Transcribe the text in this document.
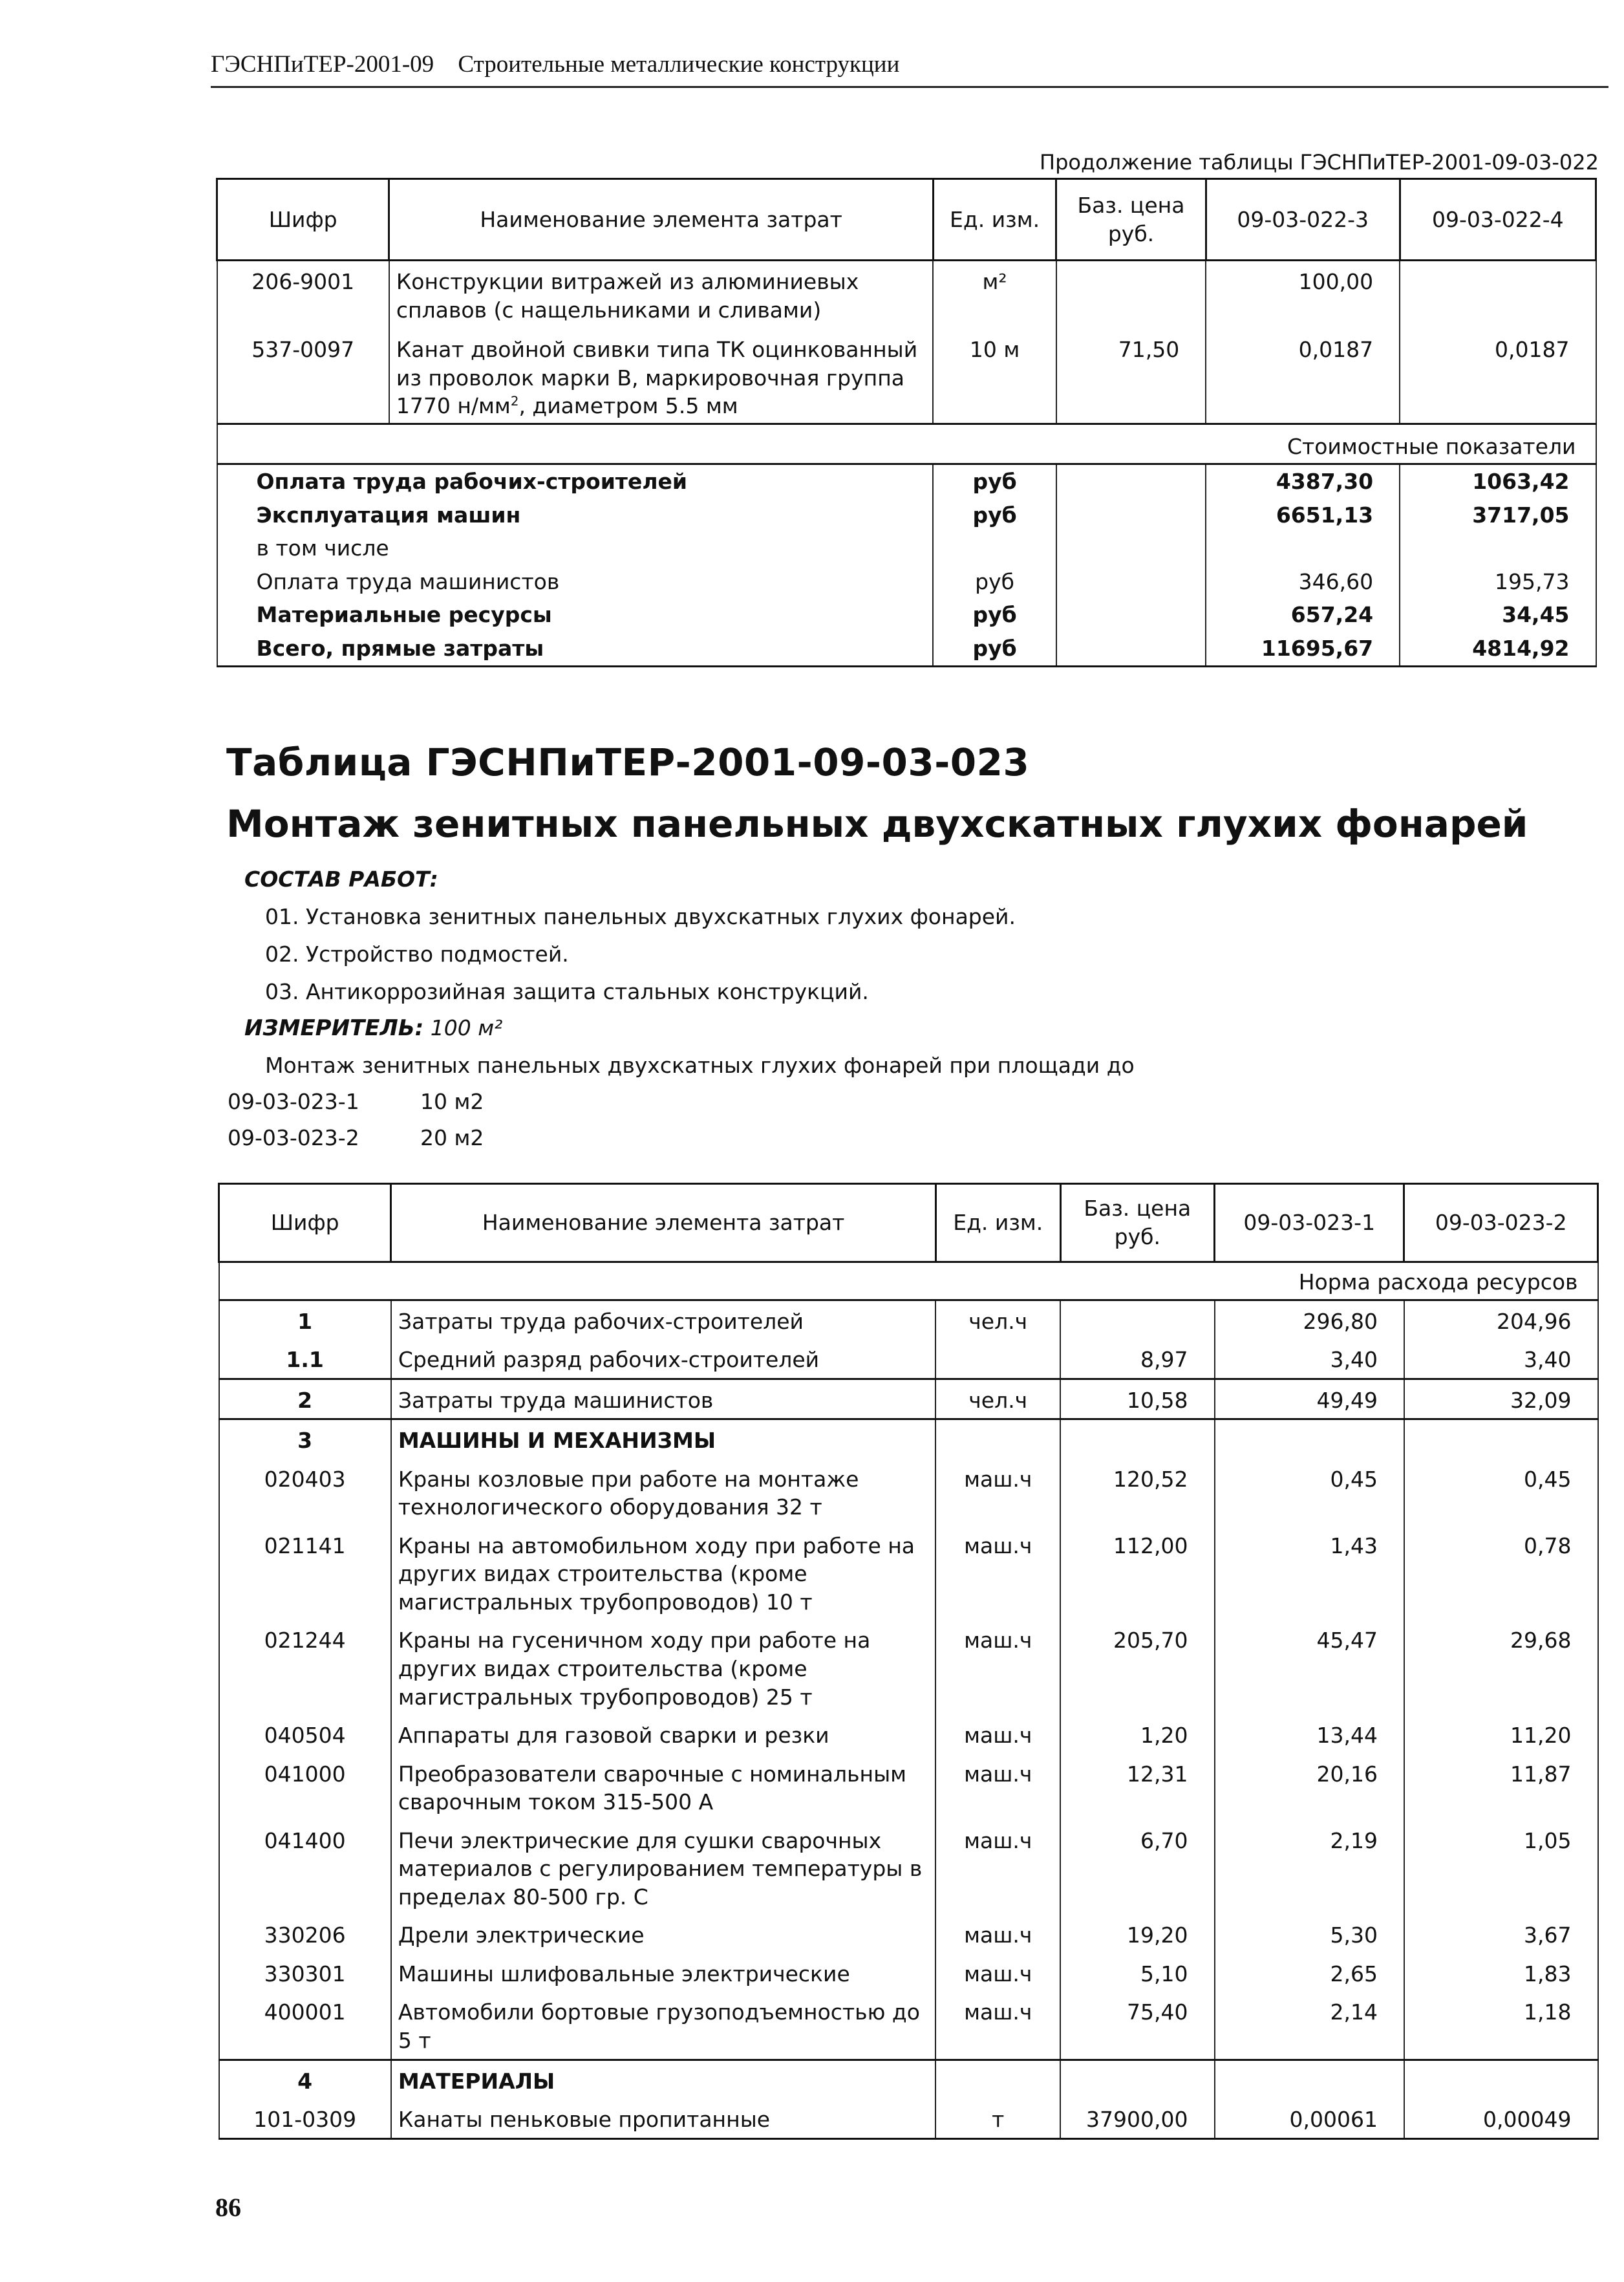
ГЭСНПиТЕР-2001-09 Строительные металлические конструкции
Продолжение таблицы ГЭСНПиТЕР-2001-09-03-022
Шифр	Наименование элемента затрат	Ед. изм.	Баз. цена руб.	09-03-022-3	09-03-022-4
206-9001	Конструкции витражей из алюминиевых сплавов (с нащельниками и сливами)	м²		100,00	
537-0097	Канат двойной свивки типа ТК оцинкованный из проволок марки В, маркировочная группа 1770 $н/мм^2$, диаметром 5.5 мм	10 м	71,50	0,0187	0,0187
Стоимостные показатели					
Оплата труда рабочих-строителей		руб		4387,30	1063,42
Эксплуатация машин		руб		6651,13	3717,05
в том числе					
Оплата труда машинистов		руб		346,60	195,73
Материальные ресурсы		руб		657,24	34,45
Всего, прямые затраты		руб		11695,67	4814,92
Таблица ГЭСНПиТЕР-2001-09-03-023
Монтаж зенитных панельных двухскатных глухих фонарей
СОСТАВ РАБОТ:
01. Установка зенитных панельных двухскатных глухих фонарей.
02. Устройство подмостей.
03. Антикоррозийная защита стальных конструкций.
ИЗМЕРИТЕЛЬ: 100 м²
Монтаж зенитных панельных двухскатных глухих фонарей при площади до
09-03-023-1	10 м2
09-03-023-2	20 м2
Шифр	Наименование элемента затрат	Ед. изм.	Баз. цена руб.	09-03-023-1	09-03-023-2
Норма расхода ресурсов					
1	Затраты труда рабочих-строителей	чел.ч		296,80	204,96
1.1	Средний разряд рабочих-строителей		8,97	3,40	3,40
2	Затраты труда машинистов	чел.ч	10,58	49,49	32,09
3	МАШИНЫ И МЕХАНИЗМЫ				
020403	Краны козловые при работе на монтаже технологического оборудования 32 т	маш.ч	120,52	0,45	0,45
021141	Краны на автомобильном ходу при работе на других видах строительства (кроме магистральных трубопроводов) 10 т	маш.ч	112,00	1,43	0,78
021244	Краны на гусеничном ходу при работе на других видах строительства (кроме магистральных трубопроводов) 25 т	маш.ч	205,70	45,47	29,68
040504	Аппараты для газовой сварки и резки	маш.ч	1,20	13,44	11,20
041000	Преобразователи сварочные с номинальным сварочным током 315-500 А	маш.ч	12,31	20,16	11,87
041400	Печи электрические для сушки сварочных материалов с регулированием температуры в пределах 80-500 гр. С	маш.ч	6,70	2,19	1,05
330206	Дрели электрические	маш.ч	19,20	5,30	3,67
330301	Машины шлифовальные электрические	маш.ч	5,10	2,65	1,83
400001	Автомобили бортовые грузоподъемностью до 5 т	маш.ч	75,40	2,14	1,18
4	МАТЕРИАЛЫ				
101-0309	Канаты пеньковые пропитанные	т	37900,00	0,00061	0,00049
86
